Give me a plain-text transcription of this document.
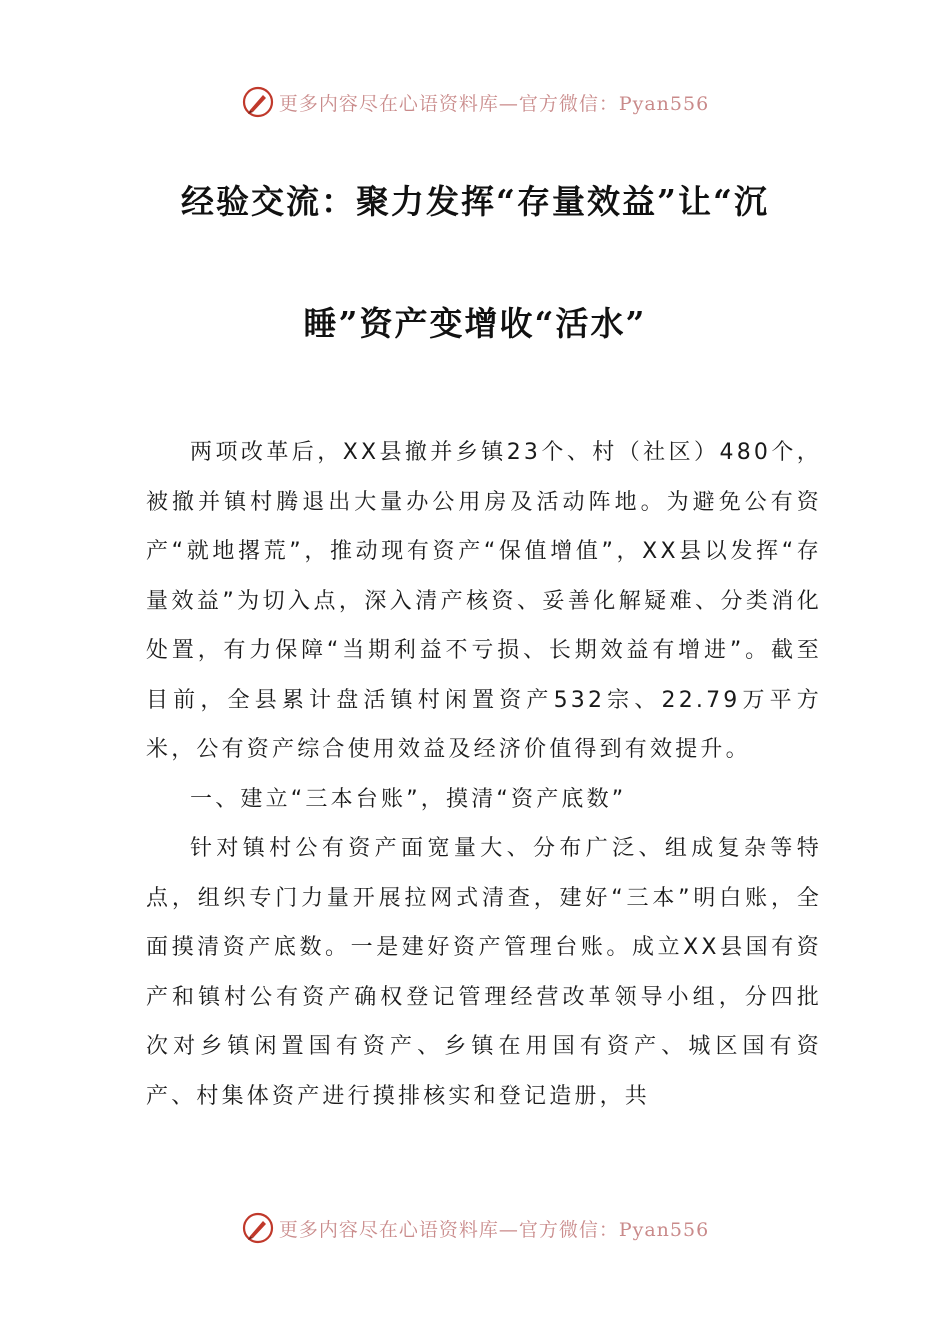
更多内容尽在心语资料库—官方微信：Pyan556
经验交流：聚力发挥“存量效益”让“沉
睡”资产变增收“活水”

两项改革后，XX县撤并乡镇23个、村（社区）480个，被撤并镇村腾退出大量办公用房及活动阵地。为避免公有资产“就地撂荒”，推动现有资产“保值增值”，XX县以发挥“存量效益”为切入点，深入清产核资、妥善化解疑难、分类消化处置，有力保障“当期利益不亏损、长期效益有增进”。截至目前，全县累计盘活镇村闲置资产532宗、22.79万平方米，公有资产综合使用效益及经济价值得到有效提升。

一、建立“三本台账”，摸清“资产底数”

针对镇村公有资产面宽量大、分布广泛、组成复杂等特点，组织专门力量开展拉网式清查，建好“三本”明白账，全面摸清资产底数。一是建好资产管理台账。成立XX县国有资产和镇村公有资产确权登记管理经营改革领导小组，分四批次对乡镇闲置国有资产、乡镇在用国有资产、城区国有资产、村集体资产进行摸排核实和登记造册，共

更多内容尽在心语资料库—官方微信：Pyan556
